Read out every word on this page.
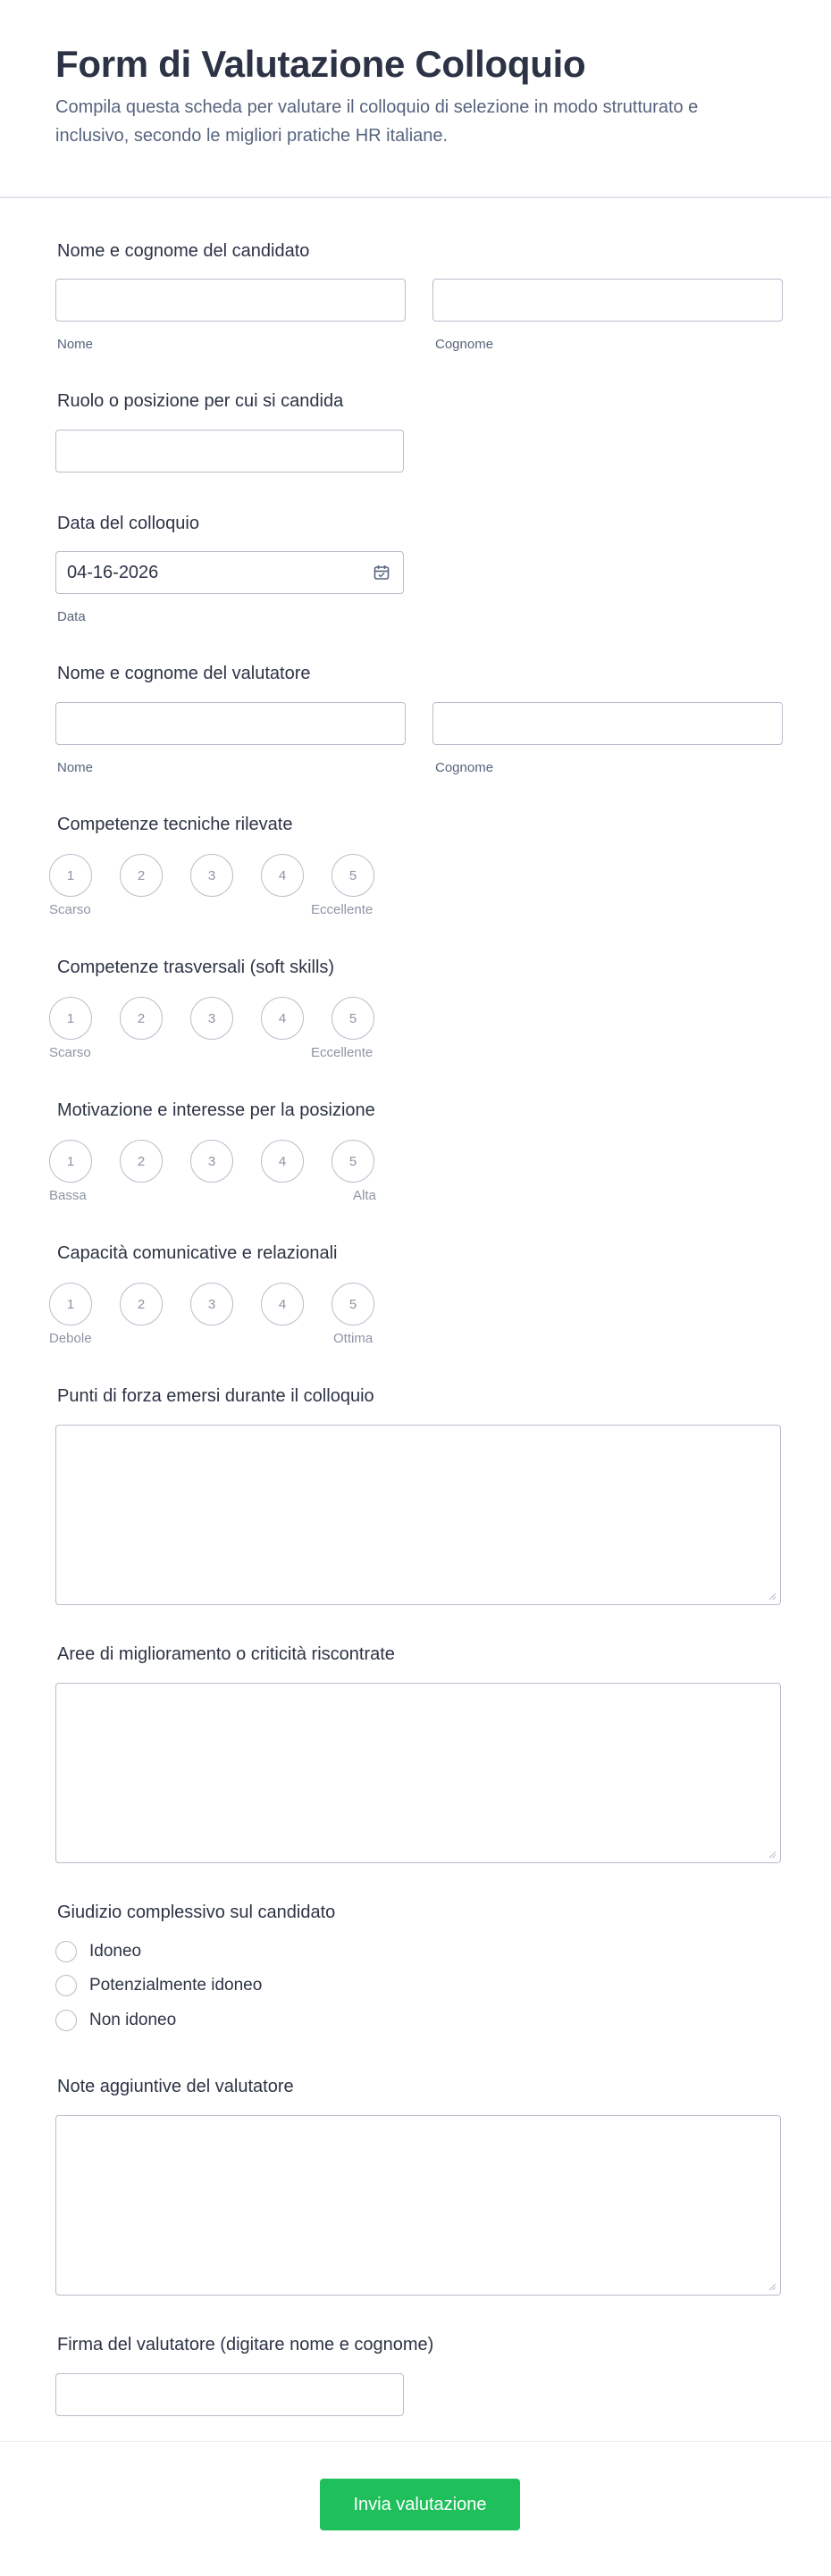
Form di Valutazione Colloquio
Compila questa scheda per valutare il colloquio di selezione in modo strutturato e inclusivo, secondo le migliori pratiche HR italiane.
Nome e cognome del candidato
Nome	Cognome
Ruolo o posizione per cui si candida
Data del colloquio
04-16-2026
Data
Nome e cognome del valutatore
Nome	Cognome
Competenze tecniche rilevate
1	2	3	4	5
Scarso	Eccellente
Competenze trasversali (soft skills)
1	2	3	4	5
Scarso	Eccellente
Motivazione e interesse per la posizione
1	2	3	4	5
Bassa	Alta
Capacità comunicative e relazionali
1	2	3	4	5
Debole	Ottima
Punti di forza emersi durante il colloquio
Aree di miglioramento o criticità riscontrate
Giudizio complessivo sul candidato
Idoneo
Potenzialmente idoneo
Non idoneo
Note aggiuntive del valutatore
Firma del valutatore (digitare nome e cognome)
Invia valutazione
